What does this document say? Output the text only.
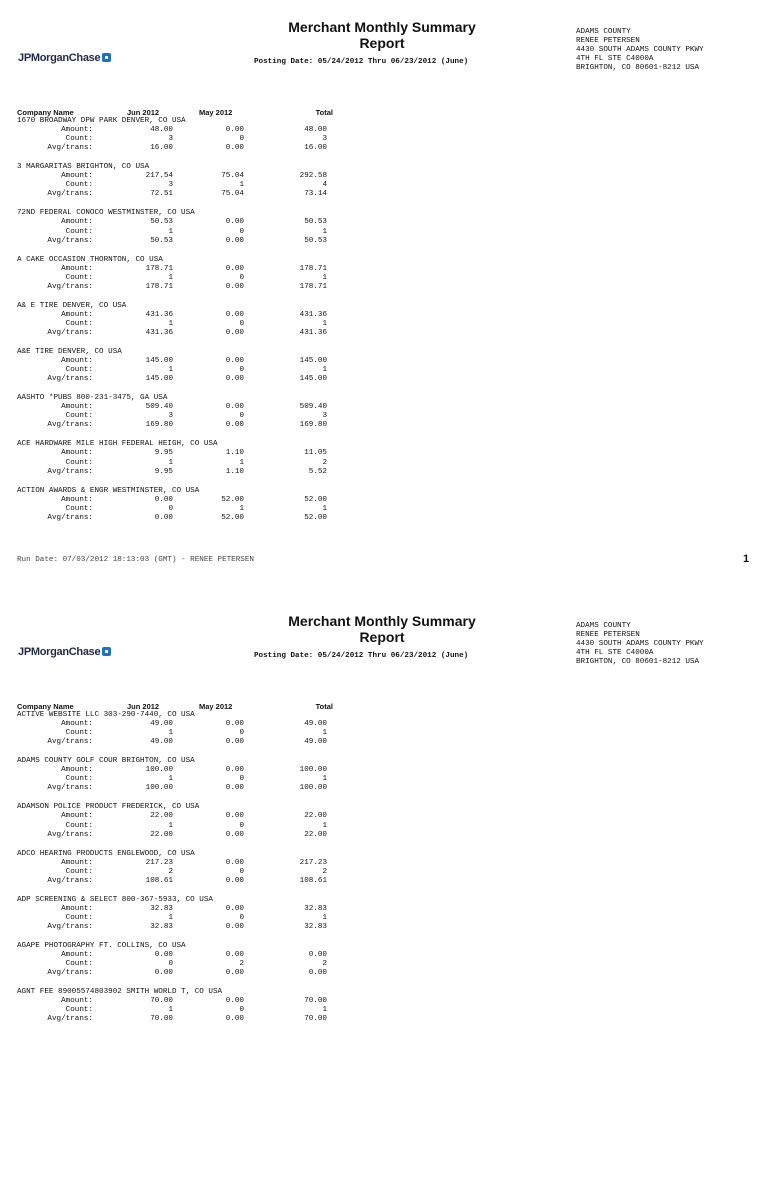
JPMorganChase
Merchant Monthly Summary
Report
Posting Date: 05/24/2012 Thru 06/23/2012 (June)
ADAMS COUNTY
RENEE PETERSEN
4430 SOUTH ADAMS COUNTY PKWY
4TH FL STE C4000A
BRIGHTON, CO 80601-8212 USA
Company Name	Jun 2012	May 2012	Total
1670 BROADWAY DPW PARK DENVER, CO USA
Amount:	48.00	0.00	48.00
Count:	3	0	3
Avg/trans:	16.00	0.00	16.00
3 MARGARITAS BRIGHTON, CO USA
Amount:	217.54	75.04	292.58
Count:	3	1	4
Avg/trans:	72.51	75.04	73.14
72ND FEDERAL CONOCO WESTMINSTER, CO USA
Amount:	50.53	0.00	50.53
Count:	1	0	1
Avg/trans:	50.53	0.00	50.53
A CAKE OCCASION THORNTON, CO USA
Amount:	178.71	0.00	178.71
Count:	1	0	1
Avg/trans:	178.71	0.00	178.71
A& E TIRE DENVER, CO USA
Amount:	431.36	0.00	431.36
Count:	1	0	1
Avg/trans:	431.36	0.00	431.36
A&E TIRE DENVER, CO USA
Amount:	145.00	0.00	145.00
Count:	1	0	1
Avg/trans:	145.00	0.00	145.00
AASHTO *PUBS 800-231-3475, GA USA
Amount:	509.40	0.00	509.40
Count:	3	0	3
Avg/trans:	169.80	0.00	169.80
ACE HARDWARE MILE HIGH FEDERAL HEIGH, CO USA
Amount:	9.95	1.10	11.05
Count:	1	1	2
Avg/trans:	9.95	1.10	5.52
ACTION AWARDS & ENGR WESTMINSTER, CO USA
Amount:	0.00	52.00	52.00
Count:	0	1	1
Avg/trans:	0.00	52.00	52.00
Run Date: 07/03/2012 18:13:03 (GMT) - RENEE PETERSEN	1
JPMorganChase
Merchant Monthly Summary
Report
Posting Date: 05/24/2012 Thru 06/23/2012 (June)
ADAMS COUNTY
RENEE PETERSEN
4430 SOUTH ADAMS COUNTY PKWY
4TH FL STE C4000A
BRIGHTON, CO 80601-8212 USA
Company Name	Jun 2012	May 2012	Total
ACTIVE WEBSITE LLC 303-290-7440, CO USA
Amount:	49.00	0.00	49.00
Count:	1	0	1
Avg/trans:	49.00	0.00	49.00
ADAMS COUNTY GOLF COUR BRIGHTON, CO USA
Amount:	100.00	0.00	100.00
Count:	1	0	1
Avg/trans:	100.00	0.00	100.00
ADAMSON POLICE PRODUCT FREDERICK, CO USA
Amount:	22.00	0.00	22.00
Count:	1	0	1
Avg/trans:	22.00	0.00	22.00
ADCO HEARING PRODUCTS ENGLEWOOD, CO USA
Amount:	217.23	0.00	217.23
Count:	2	0	2
Avg/trans:	108.61	0.00	108.61
ADP SCREENING & SELECT 800-367-5933, CO USA
Amount:	32.83	0.00	32.83
Count:	1	0	1
Avg/trans:	32.83	0.00	32.83
AGAPE PHOTOGRAPHY FT. COLLINS, CO USA
Amount:	0.00	0.00	0.00
Count:	0	2	2
Avg/trans:	0.00	0.00	0.00
AGNT FEE 89005574803902 SMITH WORLD T, CO USA
Amount:	70.00	0.00	70.00
Count:	1	0	1
Avg/trans:	70.00	0.00	70.00
